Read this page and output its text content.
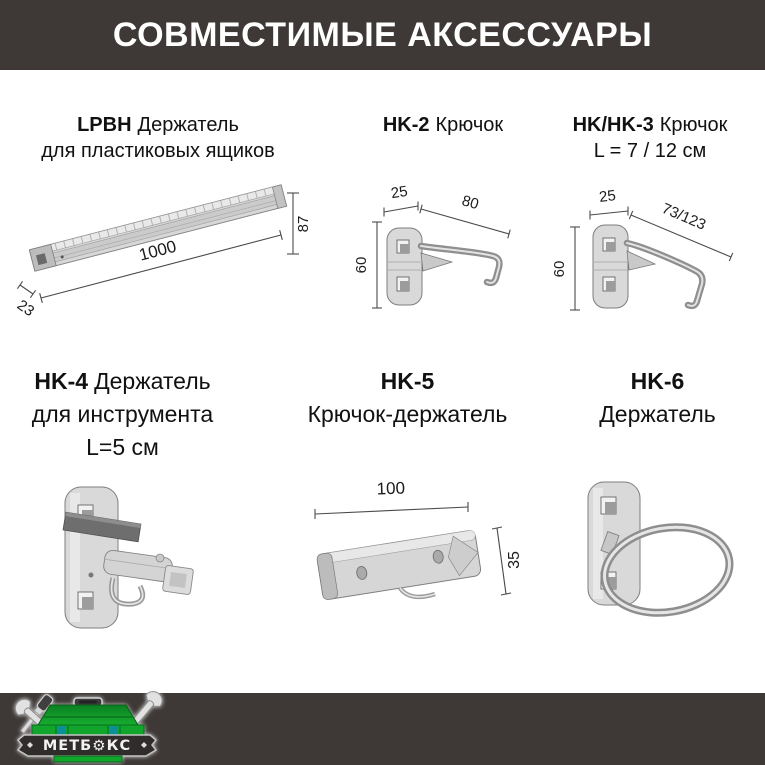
СОВМЕСТИМЫЕ АКСЕССУАРЫ
LPBH Держатель
для пластиковых ящиков
87
1000
23
HK-2 Крючок
25	80
60
HK/HK-3 Крючок
L = 7 / 12 см
25
73/123
60
HK-4 Держатель
для инструмента
L=5 см
HK-5
Крючок-держатель
100
35
HK-6
Держатель
МЕТБ⚙КС
